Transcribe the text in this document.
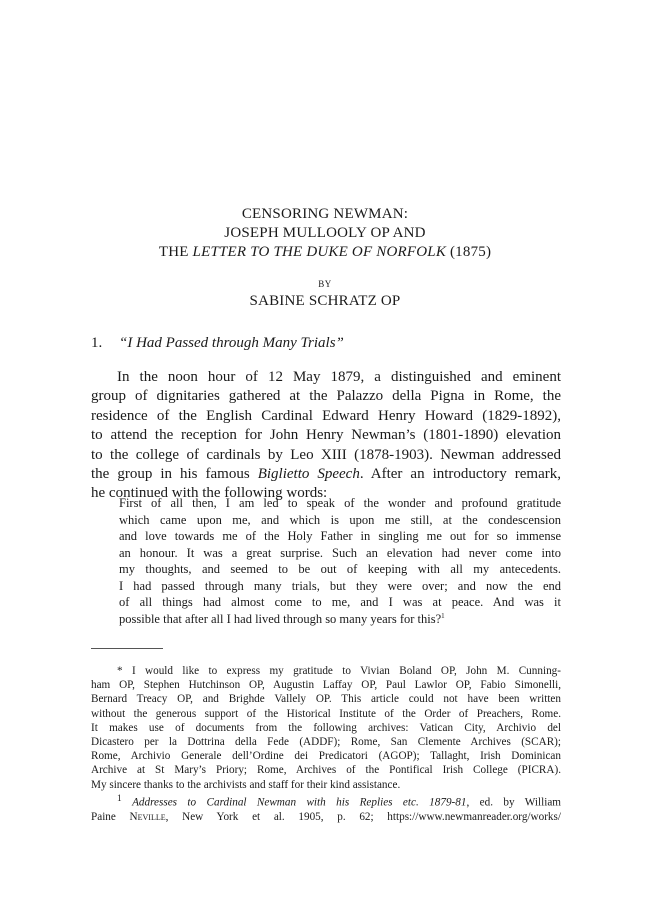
CENSORING NEWMAN:
JOSEPH MULLOOLY OP AND
THE LETTER TO THE DUKE OF NORFOLK (1875)
BY
SABINE SCHRATZ OP
1. “I Had Passed through Many Trials”
In the noon hour of 12 May 1879, a distinguished and eminent
group of dignitaries gathered at the Palazzo della Pigna in Rome, the
residence of the English Cardinal Edward Henry Howard (1829-1892),
to attend the reception for John Henry Newman’s (1801-1890) elevation
to the college of cardinals by Leo XIII (1878-1903). Newman addressed
the group in his famous Biglietto Speech. After an introductory remark,
he continued with the following words:
First of all then, I am led to speak of the wonder and profound gratitude
which came upon me, and which is upon me still, at the condescension
and love towards me of the Holy Father in singling me out for so immense
an honour. It was a great surprise. Such an elevation had never come into
my thoughts, and seemed to be out of keeping with all my antecedents.
I had passed through many trials, but they were over; and now the end
of all things had almost come to me, and I was at peace. And was it
possible that after all I had lived through so many years for this?$^1$
* I would like to express my gratitude to Vivian Boland OP, John M. Cunning-
ham OP, Stephen Hutchinson OP, Augustin Laffay OP, Paul Lawlor OP, Fabio Simonelli,
Bernard Treacy OP, and Brighde Vallely OP. This article could not have been written
without the generous support of the Historical Institute of the Order of Preachers, Rome.
It makes use of documents from the following archives: Vatican City, Archivio del
Dicastero per la Dottrina della Fede (ADDF); Rome, San Clemente Archives (SCAR);
Rome, Archivio Generale dell’Ordine dei Predicatori (AGOP); Tallaght, Irish Dominican
Archive at St Mary’s Priory; Rome, Archives of the Pontifical Irish College (PICRA).
My sincere thanks to the archivists and staff for their kind assistance.
$^1$ Addresses to Cardinal Newman with his Replies etc. 1879-81, ed. by William
Paine Neville, New York et al. 1905, p. 62; https://www.newmanreader.org/works/
